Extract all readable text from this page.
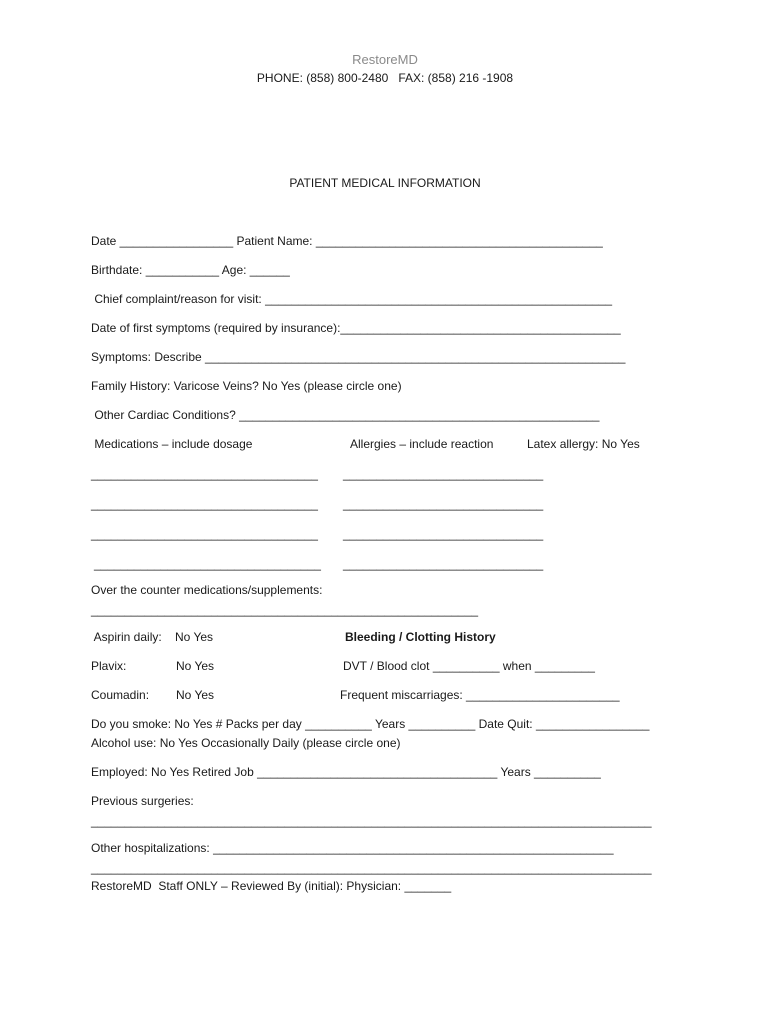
RestoreMD
PHONE: (858) 800-2480   FAX: (858) 216 -1908
PATIENT MEDICAL INFORMATION
Date _________________ Patient Name: ___________________________________________
Birthdate: ___________ Age: ______
Chief complaint/reason for visit: ____________________________________________________
Date of first symptoms (required by insurance):__________________________________________
Symptoms: Describe _______________________________________________________________
Family History: Varicose Veins? No Yes (please circle one)
Other Cardiac Conditions? ______________________________________________________
Medications – include dosage	Allergies – include reaction	Latex allergy: No Yes
__________________________________ ______________________________
__________________________________ ______________________________
__________________________________ ______________________________
__________________________________ ______________________________
Over the counter medications/supplements:
__________________________________________________________
Aspirin daily: No Yes	Bleeding / Clotting History
Plavix:	No Yes	DVT / Blood clot __________ when _________
Coumadin: No Yes	Frequent miscarriages: _______________________
Do you smoke: No Yes # Packs per day __________ Years __________ Date Quit: _________________
Alcohol use: No Yes Occasionally Daily (please circle one)
Employed: No Yes Retired Job ____________________________________ Years __________
Previous surgeries:
____________________________________________________________________________________
Other hospitalizations: ____________________________________________________________
____________________________________________________________________________________
RestoreMD  Staff ONLY – Reviewed By (initial): Physician: _______
